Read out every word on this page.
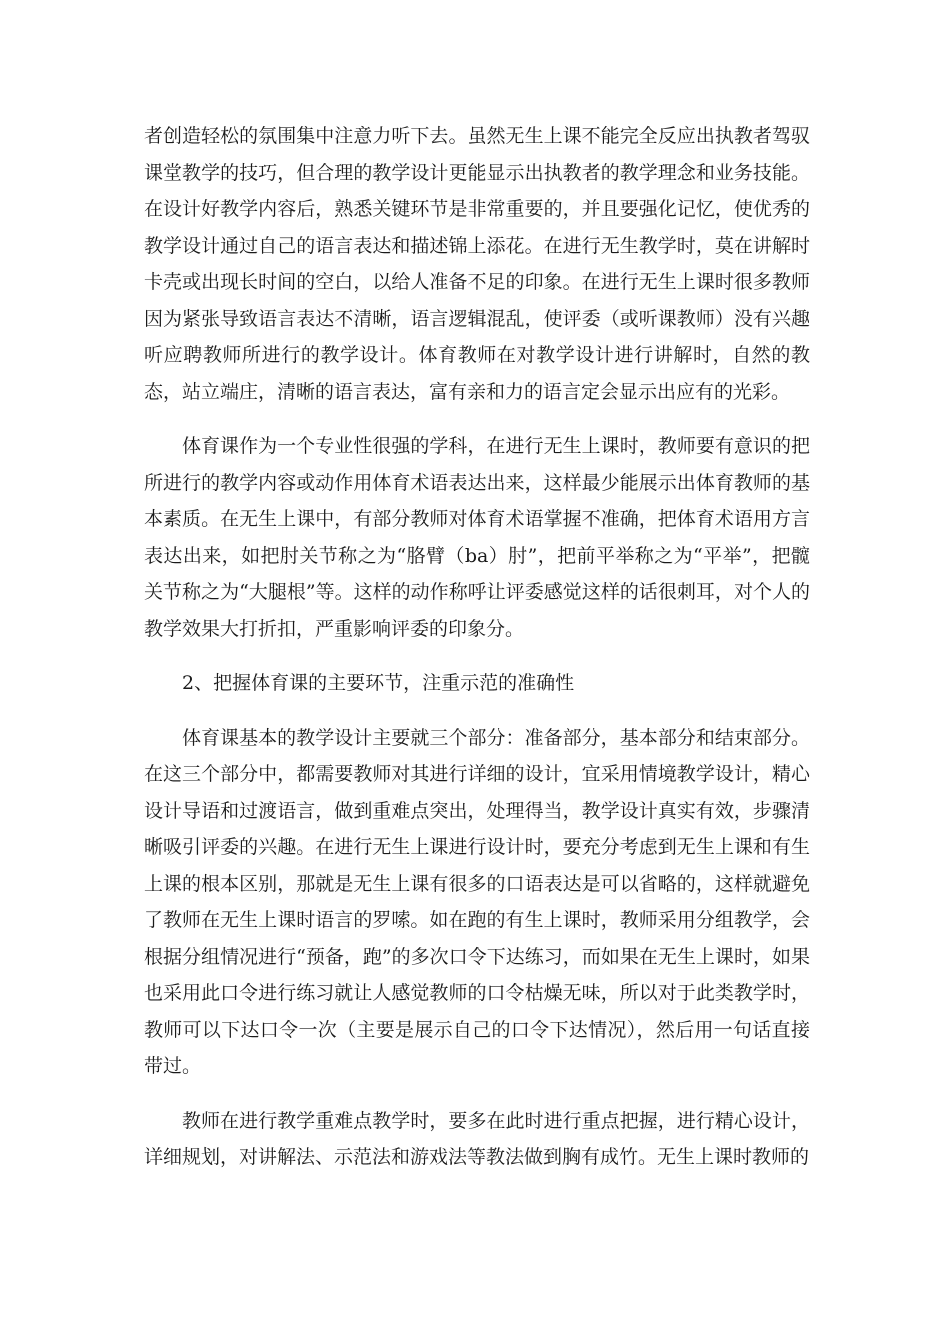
者创造轻松的氛围集中注意力听下去。虽然无生上课不能完全反应出执教者驾驭课堂教学的技巧，但合理的教学设计更能显示出执教者的教学理念和业务技能。在设计好教学内容后，熟悉关键环节是非常重要的，并且要强化记忆，使优秀的教学设计通过自己的语言表达和描述锦上添花。在进行无生教学时，莫在讲解时卡壳或出现长时间的空白，以给人准备不足的印象。在进行无生上课时很多教师因为紧张导致语言表达不清晰，语言逻辑混乱，使评委（或听课教师）没有兴趣听应聘教师所进行的教学设计。体育教师在对教学设计进行讲解时，自然的教态，站立端庄，清晰的语言表达，富有亲和力的语言定会显示出应有的光彩。

体育课作为一个专业性很强的学科，在进行无生上课时，教师要有意识的把所进行的教学内容或动作用体育术语表达出来，这样最少能展示出体育教师的基本素质。在无生上课中，有部分教师对体育术语掌握不准确，把体育术语用方言表达出来，如把肘关节称之为“胳臂（ba）肘”，把前平举称之为“平举”，把髋关节称之为“大腿根”等。这样的动作称呼让评委感觉这样的话很刺耳，对个人的教学效果大打折扣，严重影响评委的印象分。

2、把握体育课的主要环节，注重示范的准确性

体育课基本的教学设计主要就三个部分：准备部分，基本部分和结束部分。在这三个部分中，都需要教师对其进行详细的设计，宜采用情境教学设计，精心设计导语和过渡语言，做到重难点突出，处理得当，教学设计真实有效，步骤清晰吸引评委的兴趣。在进行无生上课进行设计时，要充分考虑到无生上课和有生上课的根本区别，那就是无生上课有很多的口语表达是可以省略的，这样就避免了教师在无生上课时语言的罗嗦。如在跑的有生上课时，教师采用分组教学，会根据分组情况进行“预备，跑”的多次口令下达练习，而如果在无生上课时，如果也采用此口令进行练习就让人感觉教师的口令枯燥无味，所以对于此类教学时，教师可以下达口令一次（主要是展示自己的口令下达情况），然后用一句话直接带过。

教师在进行教学重难点教学时，要多在此时进行重点把握，进行精心设计，详细规划，对讲解法、示范法和游戏法等教法做到胸有成竹。无生上课时教师的
